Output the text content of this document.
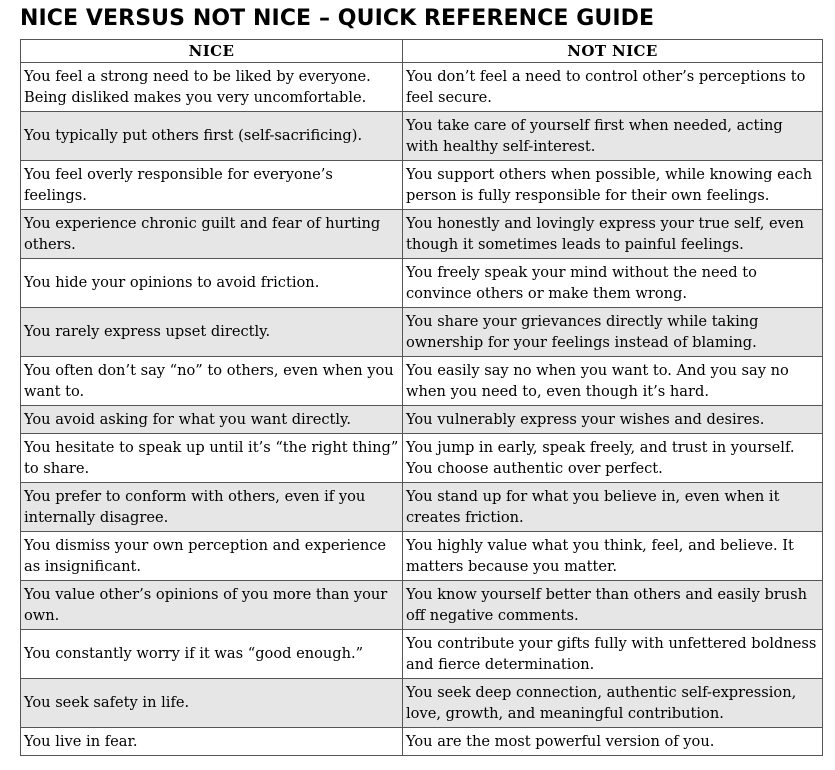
NICE VERSUS NOT NICE – QUICK REFERENCE GUIDE
NICE	NOT NICE
You feel a strong need to be liked by everyone. Being disliked makes you very uncomfortable.	You don’t feel a need to control other’s perceptions to feel secure.
You typically put others first (self-sacrificing).	You take care of yourself first when needed, acting with healthy self-interest.
You feel overly responsible for everyone’s feelings.	You support others when possible, while knowing each person is fully responsible for their own feelings.
You experience chronic guilt and fear of hurting others.	You honestly and lovingly express your true self, even though it sometimes leads to painful feelings.
You hide your opinions to avoid friction.	You freely speak your mind without the need to convince others or make them wrong.
You rarely express upset directly.	You share your grievances directly while taking ownership for your feelings instead of blaming.
You often don’t say “no” to others, even when you want to.	You easily say no when you want to. And you say no when you need to, even though it’s hard.
You avoid asking for what you want directly.	You vulnerably express your wishes and desires.
You hesitate to speak up until it’s “the right thing” to share.	You jump in early, speak freely, and trust in yourself. You choose authentic over perfect.
You prefer to conform with others, even if you internally disagree.	You stand up for what you believe in, even when it creates friction.
You dismiss your own perception and experience as insignificant.	You highly value what you think, feel, and believe. It matters because you matter.
You value other’s opinions of you more than your own.	You know yourself better than others and easily brush off negative comments.
You constantly worry if it was “good enough.”	You contribute your gifts fully with unfettered boldness and fierce determination.
You seek safety in life.	You seek deep connection, authentic self-expression, love, growth, and meaningful contribution.
You live in fear.	You are the most powerful version of you.
